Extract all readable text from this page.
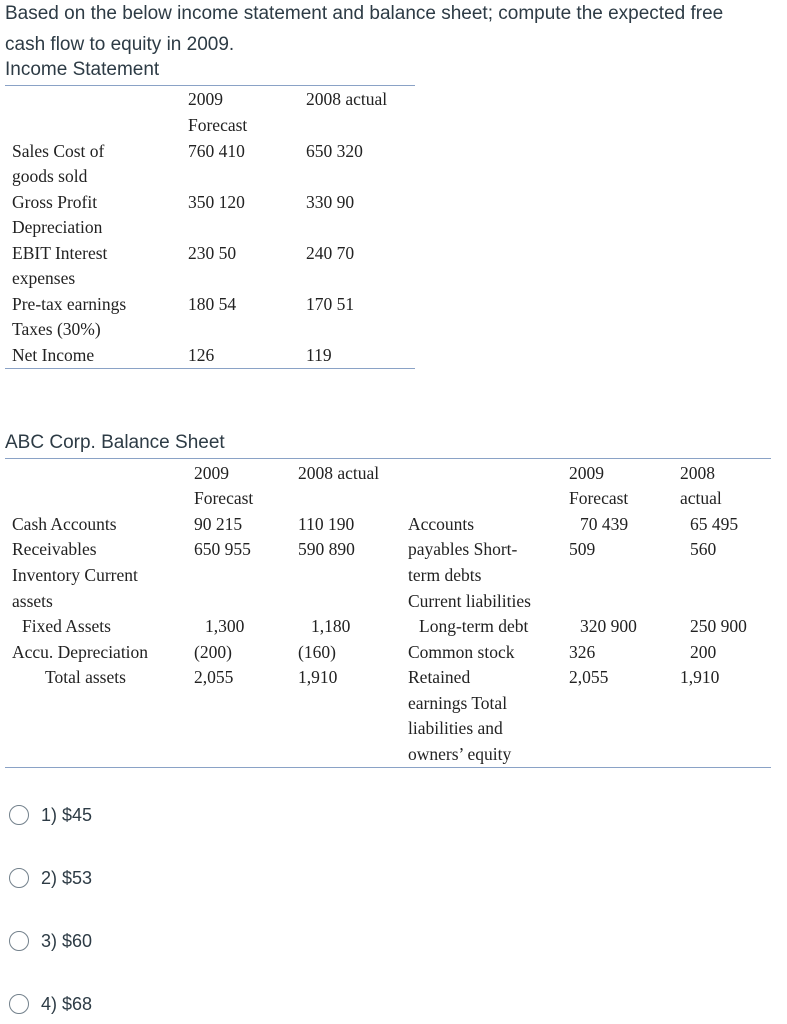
Based on the below income statement and balance sheet; compute the expected free
cash flow to equity in 2009.
Income Statement
2009
Forecast
2008 actual
Sales Cost of
goods sold
Gross Profit
Depreciation
EBIT Interest
expenses
Pre-tax earnings
Taxes (30%)
Net Income
760 410
350 120
230 50
180 54
126
650 320
330 90
240 70
170 51
119
ABC Corp. Balance Sheet
2009
Forecast
2008 actual	2009
Forecast
2008
actual
Cash Accounts
Receivables
Inventory Current
assets
Fixed Assets
Accu. Depreciation
Total assets
90 215
650 955
1,300
(200)
2,055
110 190
590 890
1,180
(160)
1,910
Accounts
payables Short-
term debts
Current liabilities
Long-term debt
Common stock
Retained
earnings Total
liabilities and
owners’ equity
70 439
509
320 900
326
2,055
65 495
560
250 900
200
1,910
1) $45
2) $53
3) $60
4) $68
